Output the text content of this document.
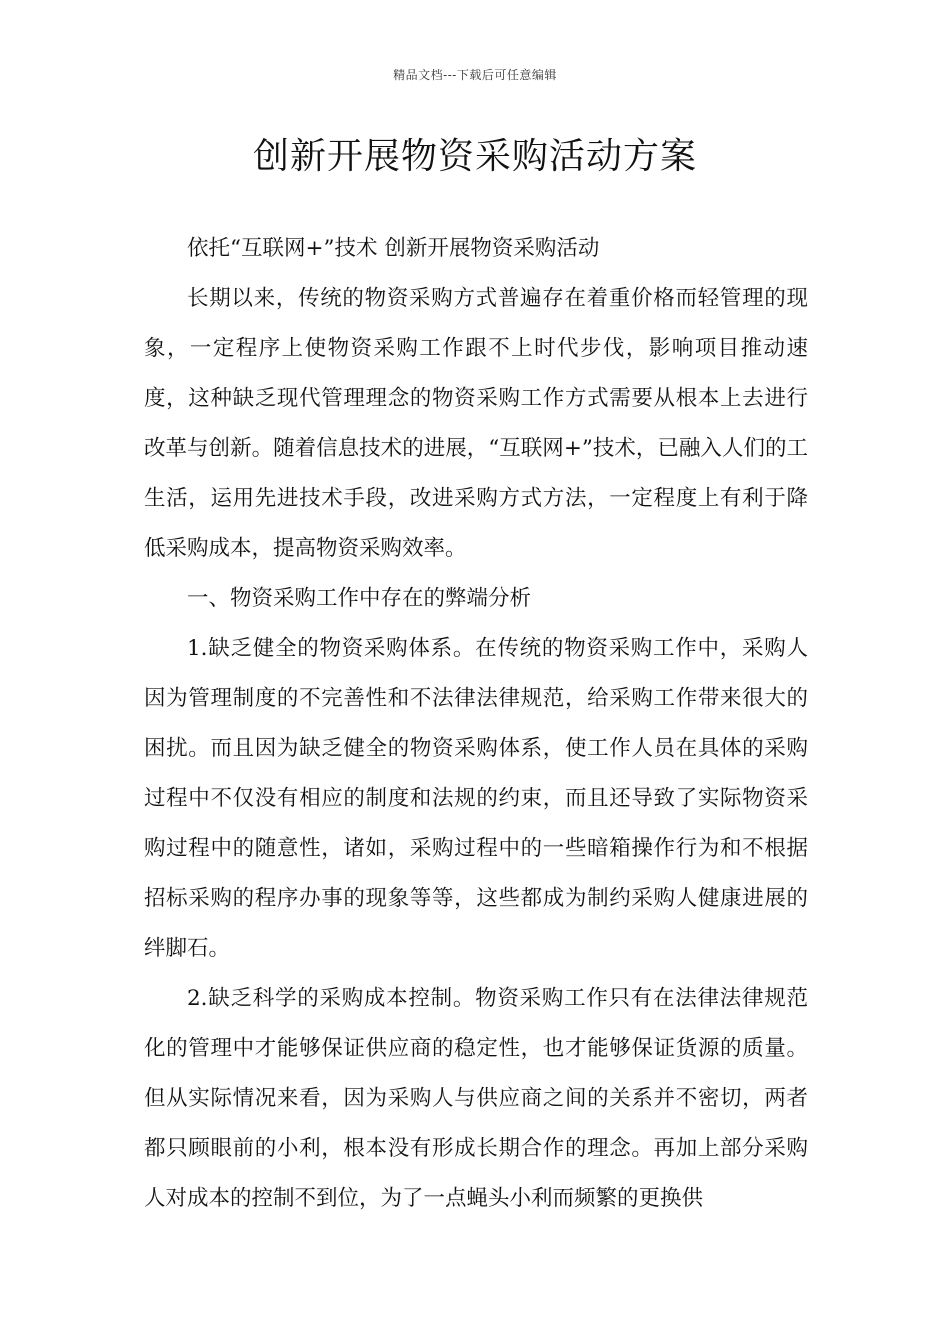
精品文档---下载后可任意编辑
创新开展物资采购活动方案

依托“互联网+”技术 创新开展物资采购活动

长期以来，传统的物资采购方式普遍存在着重价格而轻管理的现象，一定程序上使物资采购工作跟不上时代步伐，影响项目推动速度，这种缺乏现代管理理念的物资采购工作方式需要从根本上去进行改革与创新。随着信息技术的进展，“互联网+”技术，已融入人们的工生活，运用先进技术手段，改进采购方式方法，一定程度上有利于降低采购成本，提高物资采购效率。

一、物资采购工作中存在的弊端分析

1.缺乏健全的物资采购体系。在传统的物资采购工作中，采购人因为管理制度的不完善性和不法律法律规范，给采购工作带来很大的困扰。而且因为缺乏健全的物资采购体系，使工作人员在具体的采购过程中不仅没有相应的制度和法规的约束，而且还导致了实际物资采购过程中的随意性，诸如，采购过程中的一些暗箱操作行为和不根据招标采购的程序办事的现象等等，这些都成为制约采购人健康进展的绊脚石。

2.缺乏科学的采购成本控制。物资采购工作只有在法律法律规范化的管理中才能够保证供应商的稳定性，也才能够保证货源的质量。但从实际情况来看，因为采购人与供应商之间的关系并不密切，两者都只顾眼前的小利，根本没有形成长期合作的理念。再加上部分采购人对成本的控制不到位，为了一点蝇头小利而频繁的更换供
